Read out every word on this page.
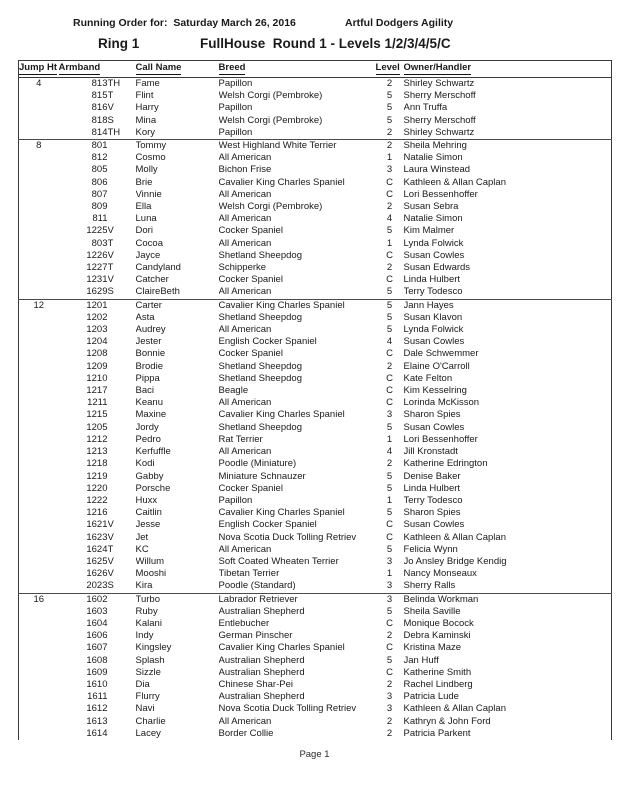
Running Order for:  Saturday March 26, 2016	Artful Dodgers Agility
Ring 1	FullHouse  Round 1 - Levels 1/2/3/4/5/C
Jump Ht	Armband		Call Name	Breed	Level	Owner/Handler
4	813	TH	Fame	Papillon	2	Shirley Schwartz
	815	T	Flint	Welsh Corgi (Pembroke)	5	Sherry Merschoff
	816	V	Harry	Papillon	5	Ann Truffa
	818	S	Mina	Welsh Corgi (Pembroke)	5	Sherry Merschoff
	814	TH	Kory	Papillon	2	Shirley Schwartz
8	801		Tommy	West Highland White Terrier	2	Sheila Mehring
	812		Cosmo	All American	1	Natalie Simon
	805		Molly	Bichon Frise	3	Laura Winstead
	806		Brie	Cavalier King Charles Spaniel	C	Kathleen & Allan Caplan
	807		Vinnie	All American	C	Lori Bessenhoffer
	809		Ella	Welsh Corgi (Pembroke)	2	Susan Sebra
	811		Luna	All American	4	Natalie Simon
	1225	V	Dori	Cocker Spaniel	5	Kim Malmer
	803	T	Cocoa	All American	1	Lynda Folwick
	1226	V	Jayce	Shetland Sheepdog	C	Susan Cowles
	1227	T	Candyland	Schipperke	2	Susan Edwards
	1231	V	Catcher	Cocker Spaniel	C	Linda Hulbert
	1629	S	ClaireBeth	All American	5	Terry Todesco
12	1201		Carter	Cavalier King Charles Spaniel	5	Jann Hayes
	1202		Asta	Shetland Sheepdog	5	Susan Klavon
	1203		Audrey	All American	5	Lynda Folwick
	1204		Jester	English Cocker Spaniel	4	Susan Cowles
	1208		Bonnie	Cocker Spaniel	C	Dale Schwemmer
	1209		Brodie	Shetland Sheepdog	2	Elaine O'Carroll
	1210		Pippa	Shetland Sheepdog	C	Kate Felton
	1217		Baci	Beagle	C	Kim Kesselring
	1211		Keanu	All American	C	Lorinda McKisson
	1215		Maxine	Cavalier King Charles Spaniel	3	Sharon Spies
	1205		Jordy	Shetland Sheepdog	5	Susan Cowles
	1212		Pedro	Rat Terrier	1	Lori Bessenhoffer
	1213		Kerfuffle	All American	4	Jill Kronstadt
	1218		Kodi	Poodle (Miniature)	2	Katherine Edrington
	1219		Gabby	Miniature Schnauzer	5	Denise Baker
	1220		Porsche	Cocker Spaniel	5	Linda Hulbert
	1222		Huxx	Papillon	1	Terry Todesco
	1216		Caitlin	Cavalier King Charles Spaniel	5	Sharon Spies
	1621	V	Jesse	English Cocker Spaniel	C	Susan Cowles
	1623	V	Jet	Nova Scotia Duck Tolling Retriev	C	Kathleen & Allan Caplan
	1624	T	KC	All American	5	Felicia Wynn
	1625	V	Willum	Soft Coated Wheaten Terrier	3	Jo Ansley Bridge Kendig
	1626	V	Mooshi	Tibetan Terrier	1	Nancy Monseaux
	2023	S	Kira	Poodle (Standard)	3	Sherry Ralls
16	1602		Turbo	Labrador Retriever	3	Belinda Workman
	1603		Ruby	Australian Shepherd	5	Sheila Saville
	1604		Kalani	Entlebucher	C	Monique Bocock
	1606		Indy	German Pinscher	2	Debra Kaminski
	1607		Kingsley	Cavalier King Charles Spaniel	C	Kristina Maze
	1608		Splash	Australian Shepherd	5	Jan Huff
	1609		Sizzle	Australian Shepherd	C	Katherine Smith
	1610		Dia	Chinese Shar-Pei	2	Rachel Lindberg
	1611		Flurry	Australian Shepherd	3	Patricia Lude
	1612		Navi	Nova Scotia Duck Tolling Retriev	3	Kathleen & Allan Caplan
	1613		Charlie	All American	2	Kathryn & John Ford
	1614		Lacey	Border Collie	2	Patricia Parkent
Page 1
